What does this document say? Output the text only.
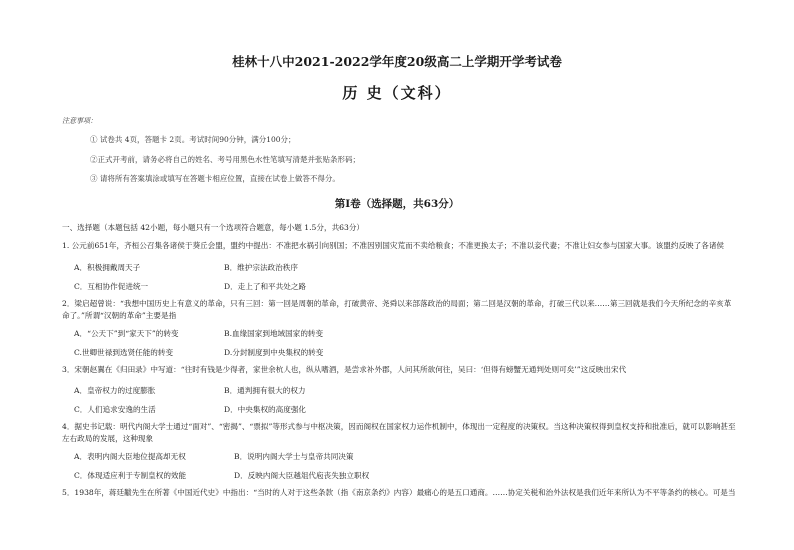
桂林十八中2021-2022学年度20级高二上学期开学考试卷
历 史（文科）
注意事项：
① 试卷共 4页，答题卡 2页。考试时间90分钟，满分100分；
②正式开考前，请务必将自己的姓名、考号用黑色水性笔填写清楚并张贴条形码；
③ 请将所有答案填涂或填写在答题卡相应位置，直接在试卷上做答不得分。
第Ⅰ卷（选择题，共63分）
一、选择题（本题包括 42小题，每小题只有一个选项符合题意，每小题 1.5分，共63分）
1. 公元前651年，齐桓公召集各诸侯于葵丘会盟，盟约中提出：不准把水祸引向别国；不准因别国灾荒而不卖给粮食；不准更换太子；不准以妾代妻；不准让妇女参与国家大事。该盟约反映了各诸侯
A．积极拥戴周天子	B．维护宗法政治秩序
C．互相协作促进统一	D．走上了和平共处之路
2．梁启超曾说：“我想中国历史上有意义的革命，只有三回：第一回是周朝的革命，打破黄帝、尧舜以来部落政治的局面；第二回是汉朝的革命，打破三代以来……第三回就是我们今天所纪念的辛亥革命了。”所谓“汉朝的革命”主要是指
A．“公天下”到“家天下”的转变	B.血缘国家到地域国家的转变
C.世卿世禄到选贤任能的转变	D.分封制度到中央集权的转变
3．宋朝赵翼在《归田录》中写道：“往时有钱是少得者，家世余杭人也，纵从嗜酒，是尝求补外郡，人问其所欲何往，吴曰：‘但得有螃蟹无通判处则可矣’”这反映出宋代
A．皇帝权力的过度膨胀	B．通判拥有很大的权力
C．人们追求安逸的生活	D．中央集权的高度强化
4．据史书记载：明代内阁大学士通过“面对”、“密揭”、“票拟”等形式参与中枢决策，因而阁权在国家权力运作机制中，体现出一定程度的决策权。当这种决策权得到皇权支持和批准后，就可以影响甚至左右政局的发展，这种现象
A．表明内阁大臣地位提高却无权	B．说明内阁大学士与皇帝共同决策
C．体现适应利于专制皇权的效能	D．反映内阁大臣越俎代庖丧失独立职权
5．1938年，蒋廷黻先生在所著《中国近代史》中指出：“当时的人对于这些条款（指《南京条约》内容）最痛心的是五口通商。……协定关税和治外法权是我们近年来所认为不平等条约的核心。可是当
